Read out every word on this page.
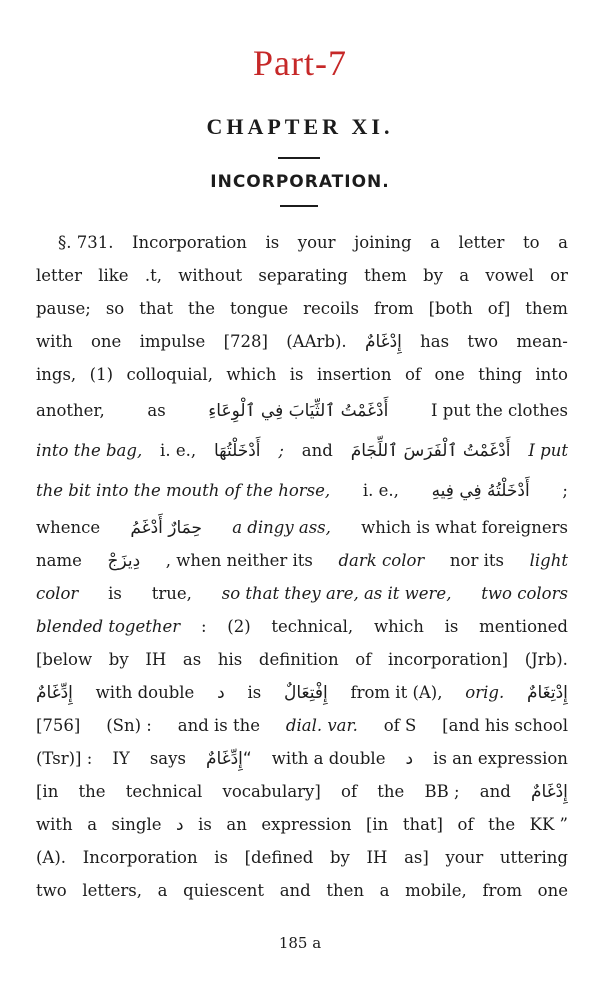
Part-7
CHAPTER XI.
INCORPORATION.
§. 731. Incorporation is your joining a letter to a
letter like .t, without separating them by a vowel or
pause; so that the tongue recoils from [both of] them
with one impulse [728] (AArb). إِدْغَامٌ has two mean-
ings, (1) colloquial, which is insertion of one thing into
another,	as	أَدْغَمْتُ ٱلثِّيَابَ فِي ٱلْوِعَاءِ	I put the clothes
into the bag, i. e., أَدْخَلْتُهَا ; and أَدْغَمْتُ ٱلْفَرَسَ ٱللِّجَامَ I put
the bit into the mouth of the horse, i. e., أَدْخَلْتُهُ فِي فِيهِ ;
whence حِمَارٌ أَدْغَمُ a dingy ass, which is what foreigners
name دِيزَجْ , when neither its dark color nor its light
color is true, so that they are, as it were, two colors
blended together : (2) technical, which is mentioned
[below by IH as his definition of incorporation] (Jrb).
إِدِّغَامٌ with double د is إِفْتِعَالٌ from it (A), orig. إِدْتِغَامٌ
[756] (Sn) : and is the dial. var. of S [and his school
(Tsr)] : IY says “إِدِّغَامٌ with a double د is an expression
[in the technical vocabulary] of the BB ; and إِدْغَامٌ
with a single د is an expression [in that] of the KK ”
(A). Incorporation is [defined by IH as] your uttering
two letters, a quiescent and then a mobile, from one
185 a
